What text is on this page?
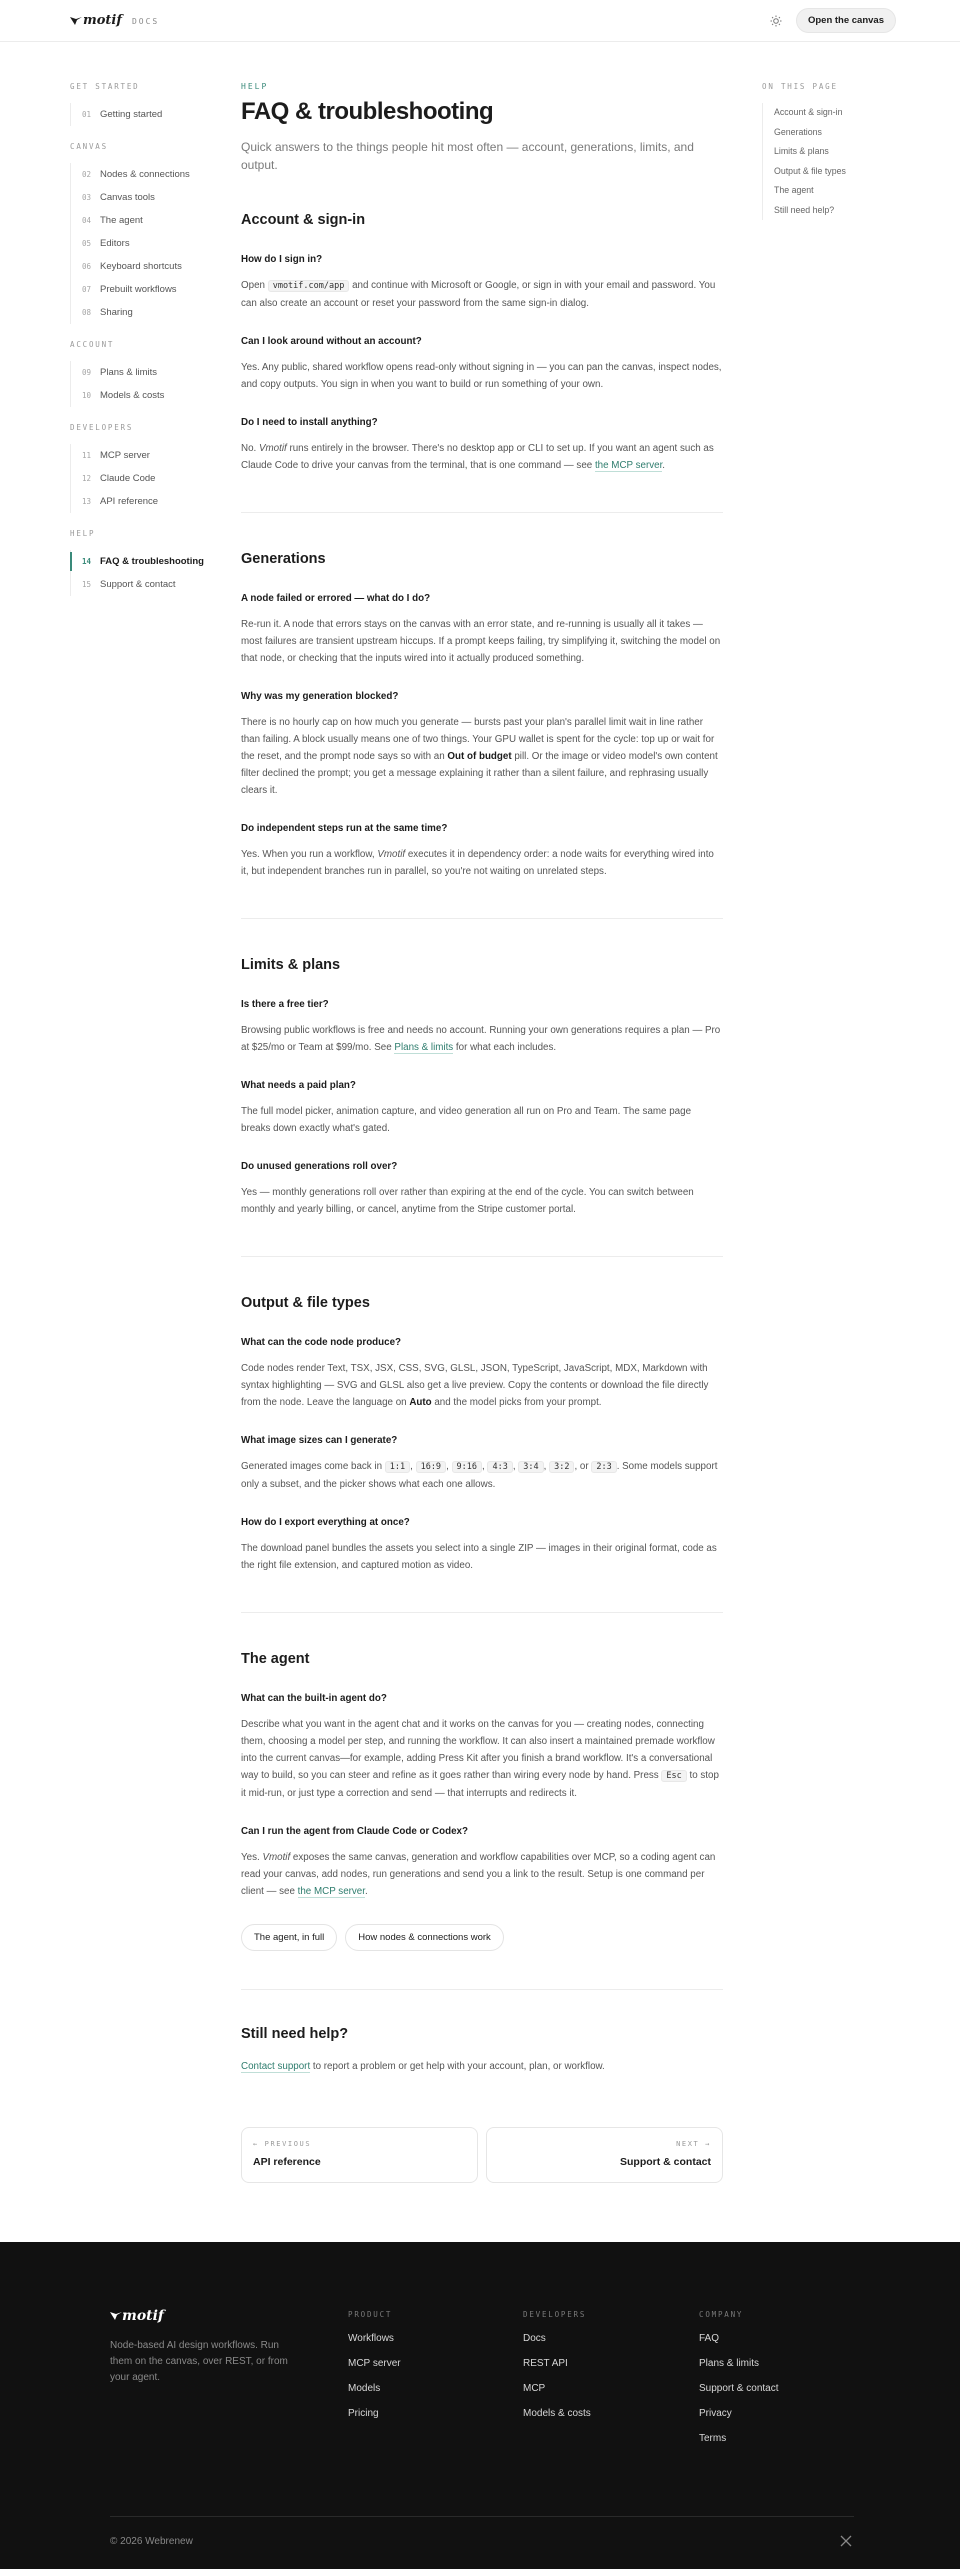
motif DOCS	Open the canvas
GET STARTED
01 Getting started
CANVAS
02 Nodes & connections
03 Canvas tools
04 The agent
05 Editors
06 Keyboard shortcuts
07 Prebuilt workflows
08 Sharing
ACCOUNT
09 Plans & limits
10 Models & costs
DEVELOPERS
11 MCP server
12 Claude Code
13 API reference
HELP
14 FAQ & troubleshooting
15 Support & contact
HELP
FAQ & troubleshooting

Quick answers to the things people hit most often — account, generations, limits, and output.

Account & sign-in
How do I sign in?

Open vmotif.com/app and continue with Microsoft or Google, or sign in with your email and password. You can also create an account or reset your password from the same sign-in dialog.

Can I look around without an account?

Yes. Any public, shared workflow opens read-only without signing in — you can pan the canvas, inspect nodes, and copy outputs. You sign in when you want to build or run something of your own.

Do I need to install anything?

No. Vmotif runs entirely in the browser. There's no desktop app or CLI to set up. If you want an agent such as Claude Code to drive your canvas from the terminal, that is one command — see the MCP server.

Generations
A node failed or errored — what do I do?

Re-run it. A node that errors stays on the canvas with an error state, and re-running is usually all it takes — most failures are transient upstream hiccups. If a prompt keeps failing, try simplifying it, switching the model on that node, or checking that the inputs wired into it actually produced something.

Why was my generation blocked?

There is no hourly cap on how much you generate — bursts past your plan's parallel limit wait in line rather than failing. A block usually means one of two things. Your GPU wallet is spent for the cycle: top up or wait for the reset, and the prompt node says so with an Out of budget pill. Or the image or video model's own content filter declined the prompt; you get a message explaining it rather than a silent failure, and rephrasing usually clears it.

Do independent steps run at the same time?

Yes. When you run a workflow, Vmotif executes it in dependency order: a node waits for everything wired into it, but independent branches run in parallel, so you're not waiting on unrelated steps.

Limits & plans
Is there a free tier?

Browsing public workflows is free and needs no account. Running your own generations requires a plan — Pro at $25/mo or Team at $99/mo. See Plans & limits for what each includes.

What needs a paid plan?

The full model picker, animation capture, and video generation all run on Pro and Team. The same page breaks down exactly what's gated.

Do unused generations roll over?

Yes — monthly generations roll over rather than expiring at the end of the cycle. You can switch between monthly and yearly billing, or cancel, anytime from the Stripe customer portal.

Output & file types
What can the code node produce?

Code nodes render Text, TSX, JSX, CSS, SVG, GLSL, JSON, TypeScript, JavaScript, MDX, Markdown with syntax highlighting — SVG and GLSL also get a live preview. Copy the contents or download the file directly from the node. Leave the language on Auto and the model picks from your prompt.

What image sizes can I generate?

Generated images come back in 1:1 , 16:9 , 9:16 , 4:3 , 3:4 , 3:2 , or 2:3 . Some models support only a subset, and the picker shows what each one allows.

How do I export everything at once?

The download panel bundles the assets you select into a single ZIP — images in their original format, code as the right file extension, and captured motion as video.

The agent
What can the built-in agent do?

Describe what you want in the agent chat and it works on the canvas for you — creating nodes, connecting them, choosing a model per step, and running the workflow. It can also insert a maintained premade workflow into the current canvas—for example, adding Press Kit after you finish a brand workflow. It's a conversational way to build, so you can steer and refine as it goes rather than wiring every node by hand. Press Esc to stop it mid-run, or just type a correction and send — that interrupts and redirects it.

Can I run the agent from Claude Code or Codex?

Yes. Vmotif exposes the same canvas, generation and workflow capabilities over MCP, so a coding agent can read your canvas, add nodes, run generations and send you a link to the result. Setup is one command per client — see the MCP server.

The agent, in full	How nodes & connections work
Still need help?

Contact support to report a problem or get help with your account, plan, or workflow.

← PREVIOUS
API reference
NEXT →
Support & contact
ON THIS PAGE
Account & sign-in
Generations
Limits & plans
Output & file types
The agent
Still need help?
motif

Node-based AI design workflows. Run them on the canvas, over REST, or from your agent.

PRODUCT
Workflows
MCP server
Models
Pricing
DEVELOPERS
Docs
REST API
MCP
Models & costs
COMPANY
FAQ
Plans & limits
Support & contact
Privacy
Terms
© 2026 Webrenew
